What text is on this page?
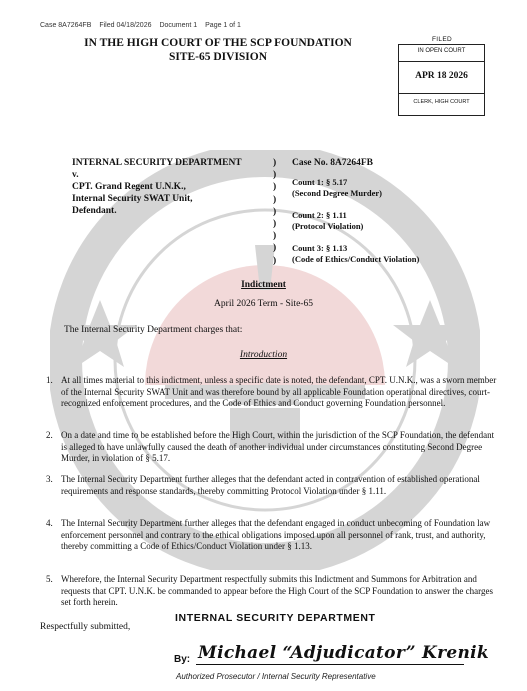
Case 8A7264FB Filed 04/18/2026 Document 1 Page 1 of 1
IN THE HIGH COURT OF THE SCP FOUNDATION
SITE-65 DIVISION
FILED
IN OPEN COURT
APR 18 2026
CLERK, HIGH COURT
INTERNAL SECURITY DEPARTMENT
v.
CPT. Grand Regent U.N.K.,
Internal Security SWAT Unit,
Defendant.
)
)
)
)
)
)
)
)
)
Case No. 8A7264FB
Count 1: § 5.17
(Second Degree Murder)
Count 2: § 1.11
(Protocol Violation)
Count 3: § 1.13
(Code of Ethics/Conduct Violation)
Indictment
April 2026 Term - Site-65
The Internal Security Department charges that:
Introduction
1. At all times material to this indictment, unless a specific date is noted, the defendant, CPT. U.N.K., was a sworn member of the Internal Security SWAT Unit and was therefore bound by all applicable Foundation operational directives, court-recognized enforcement procedures, and the Code of Ethics and Conduct governing Foundation personnel.
2. On a date and time to be established before the High Court, within the jurisdiction of the SCP Foundation, the defendant is alleged to have unlawfully caused the death of another individual under circumstances constituting Second Degree Murder, in violation of § 5.17.
3. The Internal Security Department further alleges that the defendant acted in contravention of established operational requirements and response standards, thereby committing Protocol Violation under § 1.11.
4. The Internal Security Department further alleges that the defendant engaged in conduct unbecoming of Foundation law enforcement personnel and contrary to the ethical obligations imposed upon all personnel of rank, trust, and authority, thereby committing a Code of Ethics/Conduct Violation under § 1.13.
5. Wherefore, the Internal Security Department respectfully submits this Indictment and Summons for Arbitration and requests that CPT. U.N.K. be commanded to appear before the High Court of the SCP Foundation to answer the charges set forth herein.
Respectfully submitted,
INTERNAL SECURITY DEPARTMENT
By: Michael “Adjudicator” Krenik
Authorized Prosecutor / Internal Security Representative
